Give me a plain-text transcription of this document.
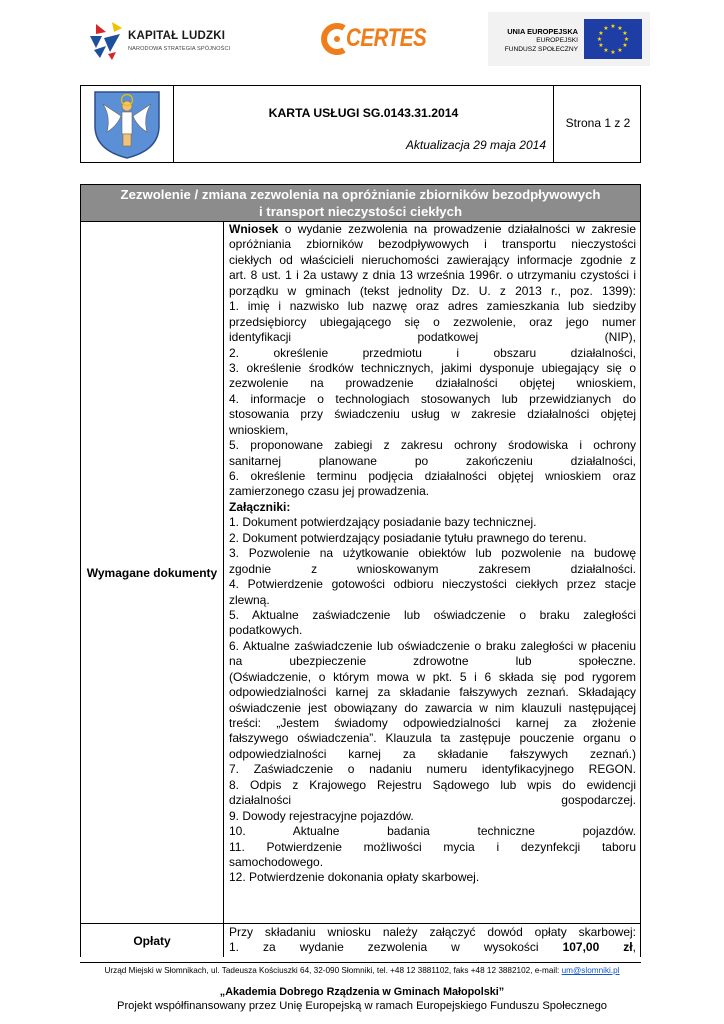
KAPITAŁ LUDZKI
NARODOWA STRATEGIA SPÓJNOŚCI	CERTES	UNIA EUROPEJSKA
EUROPEJSKI
FUNDUSZ SPOŁECZNY
★ ★
★
★
★
★
★
★
★
★
★
★
KARTA USŁUGI SG.0143.31.2014
Aktualizacja 29 maja 2014
Strona 1 z 2
Zezwolenie / zmiana zezwolenia na opróżnianie zbiorników bezodpływowych
i transport nieczystości ciekłych
Wymagane dokumenty
Opłaty
Wniosek o wydanie zezwolenia na prowadzenie działalności w zakresie
opróżniania zbiorników bezodpływowych i transportu nieczystości
ciekłych od właścicieli nieruchomości zawierający informacje zgodnie z
art. 8 ust. 1 i 2a ustawy z dnia 13 września 1996r. o utrzymaniu czystości i
porządku w gminach (tekst jednolity Dz. U. z 2013 r., poz. 1399):
1. imię i nazwisko lub nazwę oraz adres zamieszkania lub siedziby
przedsiębiorcy ubiegającego się o zezwolenie, oraz jego numer
identyfikacji podatkowej (NIP),
2. określenie przedmiotu i obszaru działalności,
3. określenie środków technicznych, jakimi dysponuje ubiegający się o
zezwolenie na prowadzenie działalności objętej wnioskiem,
4. informacje o technologiach stosowanych lub przewidzianych do
stosowania przy świadczeniu usług w zakresie działalności objętej
wnioskiem,
5. proponowane zabiegi z zakresu ochrony środowiska i ochrony
sanitarnej planowane po zakończeniu działalności,
6. określenie terminu podjęcia działalności objętej wnioskiem oraz
zamierzonego czasu jej prowadzenia.
Załączniki:
1. Dokument potwierdzający posiadanie bazy technicznej.
2. Dokument potwierdzający posiadanie tytułu prawnego do terenu.
3. Pozwolenie na użytkowanie obiektów lub pozwolenie na budowę
zgodnie z wnioskowanym zakresem działalności.
4. Potwierdzenie gotowości odbioru nieczystości ciekłych przez stacje
zlewną.
5. Aktualne zaświadczenie lub oświadczenie o braku zaległości
podatkowych.
6. Aktualne zaświadczenie lub oświadczenie o braku zaległości w płaceniu
na ubezpieczenie zdrowotne lub społeczne.
(Oświadczenie, o którym mowa w pkt. 5 i 6 składa się pod rygorem
odpowiedzialności karnej za składanie fałszywych zeznań. Składający
oświadczenie jest obowiązany do zawarcia w nim klauzuli następującej
treści: „Jestem świadomy odpowiedzialności karnej za złożenie
fałszywego oświadczenia”. Klauzula ta zastępuje pouczenie organu o
odpowiedzialności karnej za składanie fałszywych zeznań.)
7. Zaświadczenie o nadaniu numeru identyfikacyjnego REGON.
8. Odpis z Krajowego Rejestru Sądowego lub wpis do ewidencji
działalności gospodarczej.
9. Dowody rejestracyjne pojazdów.
10. Aktualne badania techniczne pojazdów.
11. Potwierdzenie możliwości mycia i dezynfekcji taboru
samochodowego.
12. Potwierdzenie dokonania opłaty skarbowej.
Przy składaniu wniosku należy załączyć dowód opłaty skarbowej:
1. za wydanie zezwolenia w wysokości 107,00 zł,
Urząd Miejski w Słomnikach, ul. Tadeusza Kościuszki 64, 32-090 Słomniki, tel. +48 12 3881102, faks +48 12 3882102, e-mail: um@slomniki.pl
„Akademia Dobrego Rządzenia w Gminach Małopolski”
Projekt współfinansowany przez Unię Europejską w ramach Europejskiego Funduszu Społecznego
